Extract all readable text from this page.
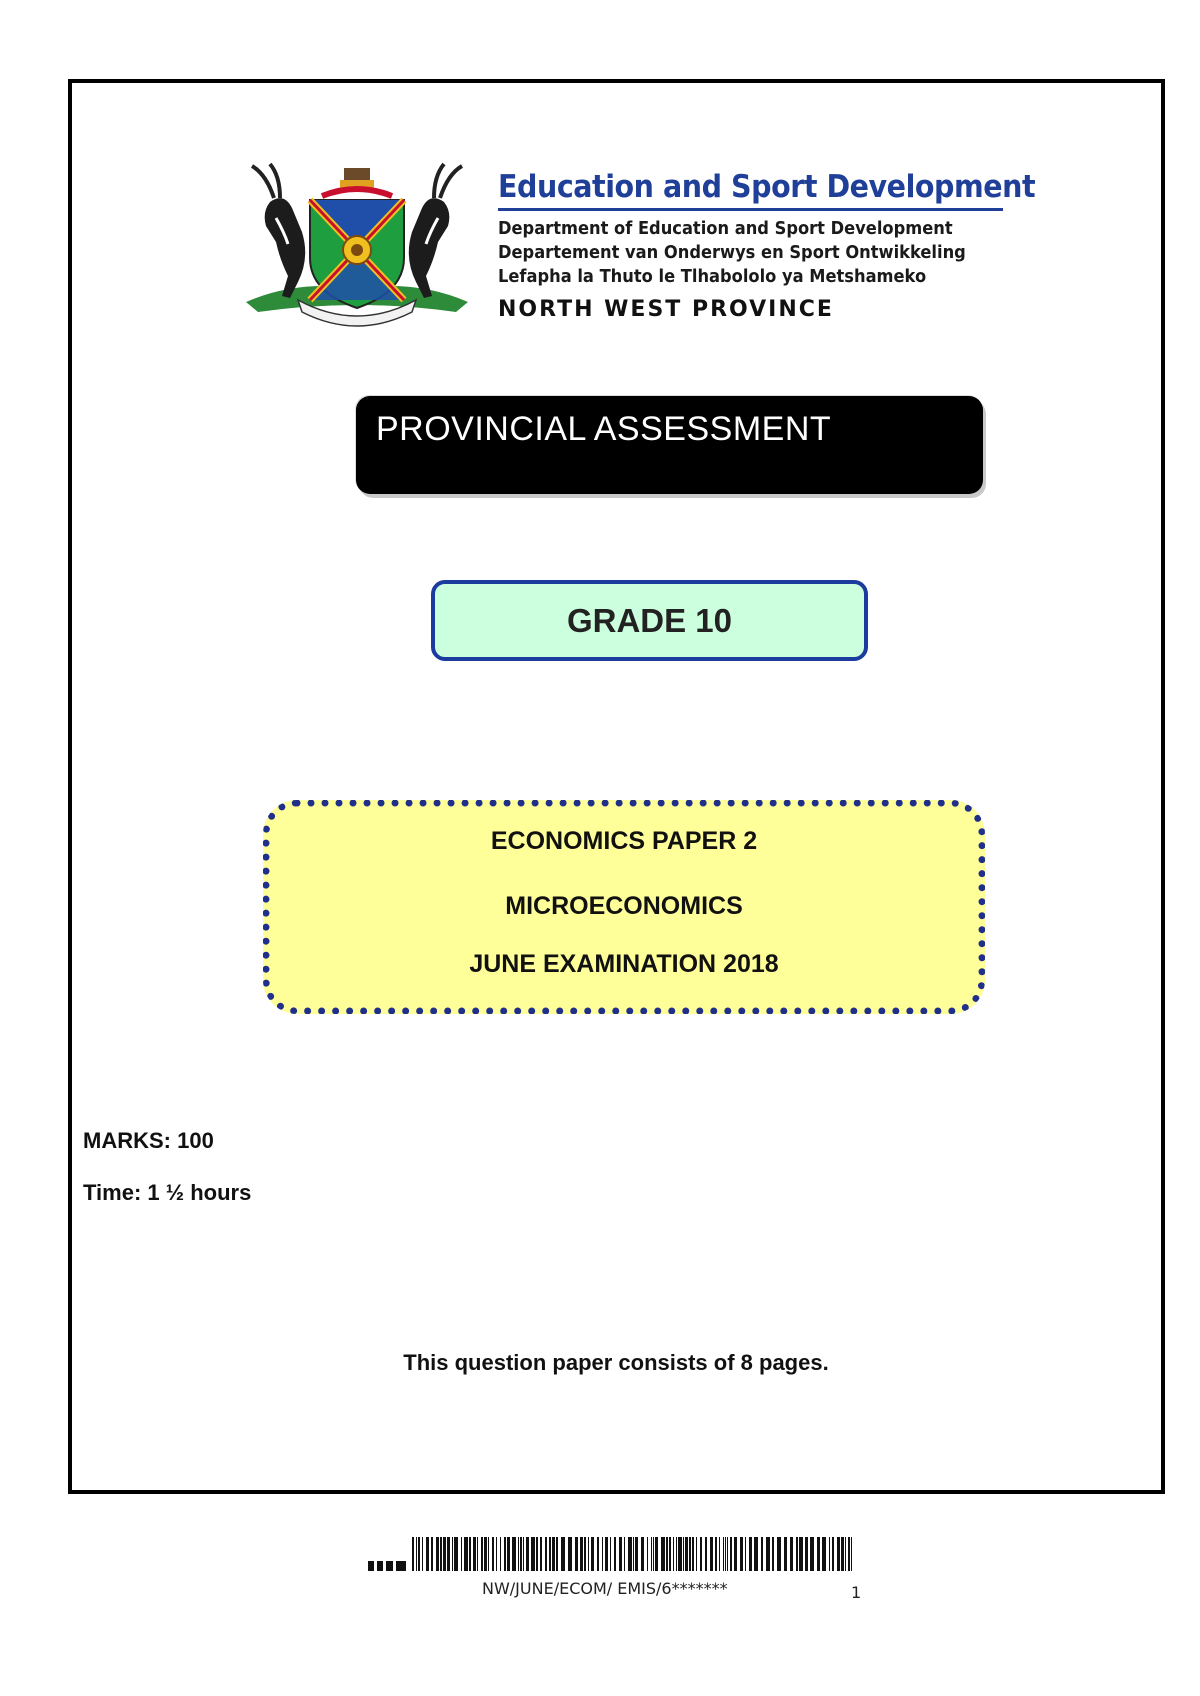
Education and Sport Development
Department of Education and Sport Development
Departement van Onderwys en Sport Ontwikkeling
Lefapha la Thuto le Tlhabololo ya Metshameko
NORTH WEST PROVINCE
PROVINCIAL ASSESSMENT
GRADE 10
ECONOMICS PAPER 2
MICROECONOMICS
JUNE EXAMINATION 2018
MARKS: 100
Time: 1 ½ hours
This question paper consists of 8 pages.
NW/JUNE/ECOM/ EMIS/6*******	1
